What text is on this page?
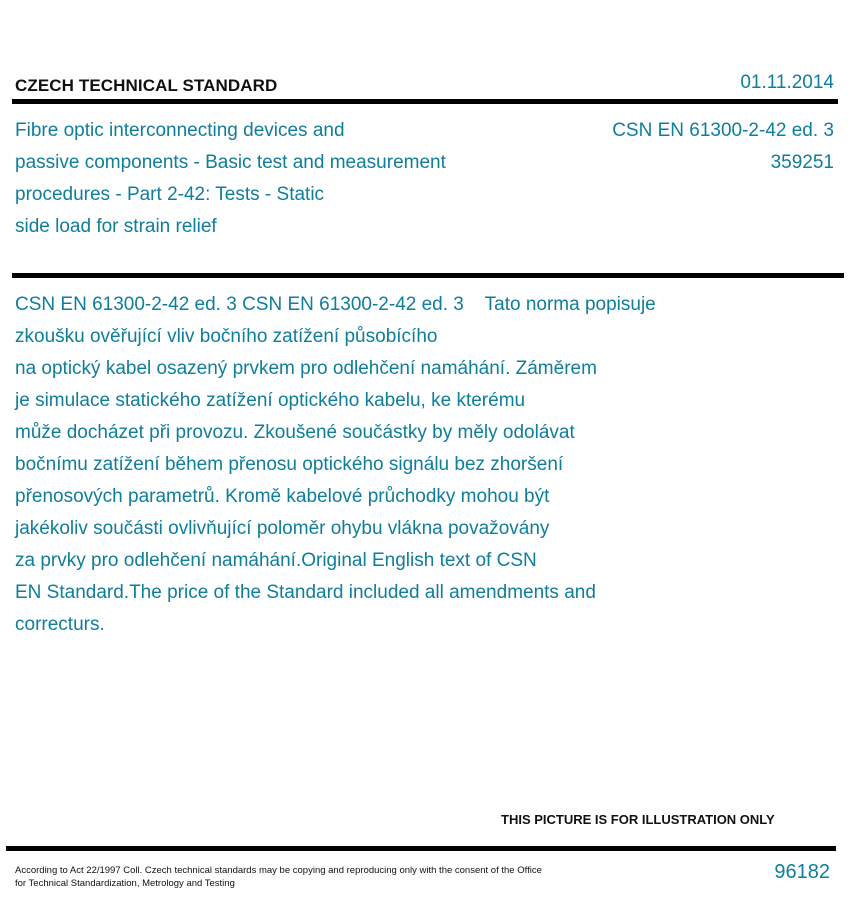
CZECH TECHNICAL STANDARD	01.11.2014
Fibre optic interconnecting devices and
passive components - Basic test and measurement
procedures - Part 2-42: Tests - Static
side load for strain relief
CSN EN 61300-2-42 ed. 3
359251
CSN EN 61300-2-42 ed. 3 CSN EN 61300-2-42 ed. 3    Tato norma popisuje
zkoušku ověřující vliv bočního zatížení působícího
na optický kabel osazený prvkem pro odlehčení namáhání. Záměrem
je simulace statického zatížení optického kabelu, ke kterému
může docházet při provozu. Zkoušené součástky by měly odolávat
bočnímu zatížení během přenosu optického signálu bez zhoršení
přenosových parametrů. Kromě kabelové průchodky mohou být
jakékoliv součásti ovlivňující poloměr ohybu vlákna považovány
za prvky pro odlehčení namáhání.Original English text of CSN
EN Standard.The price of the Standard included all amendments and
correcturs.
THIS PICTURE IS FOR ILLUSTRATION ONLY
According to Act 22/1997 Coll. Czech technical standards may be copying and reproducing only with the consent of the Office
for Technical Standardization, Metrology and Testing
96182
